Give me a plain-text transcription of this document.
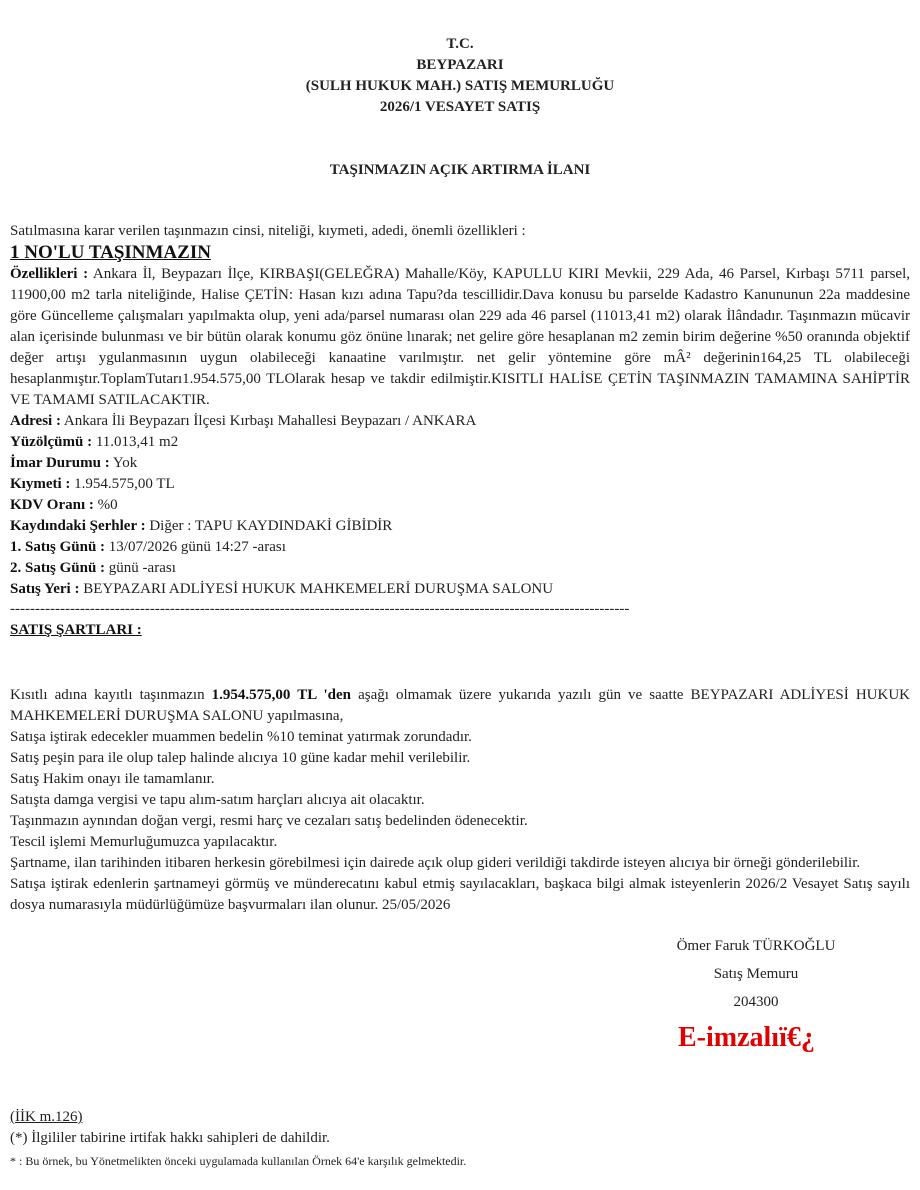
T.C.
BEYPAZARI
(SULH HUKUK MAH.) SATIŞ MEMURLUĞU
2026/1 VESAYET SATIŞ
TAŞINMAZIN AÇIK ARTIRMA İLANI
Satılmasına karar verilen taşınmazın cinsi, niteliği, kıymeti, adedi, önemli özellikleri :
1 NO'LU TAŞINMAZIN
Özellikleri : Ankara İl, Beypazarı İlçe, KIRBAŞI(GELEĞRA) Mahalle/Köy, KAPULLU KIRI Mevkii, 229 Ada, 46 Parsel, Kırbaşı 5711 parsel, 11900,00 m2 tarla niteliğinde, Halise ÇETİN: Hasan kızı adına Tapu?da tescillidir.Dava konusu bu parselde Kadastro Kanununun 22a maddesine göre Güncelleme çalışmaları yapılmakta olup, yeni ada/parsel numarası olan 229 ada 46 parsel (11013,41 m2) olarak İlândadır. Taşınmazın mücavir alan içerisinde bulunması ve bir bütün olarak konumu göz önüne lınarak; net gelire göre hesaplanan m2 zemin birim değerine %50 oranında objektif değer artışı ygulanmasının uygun olabileceği kanaatine varılmıştır. net gelir yöntemine göre mÂ² değerinin164,25 TL olabileceği hesaplanmıştır.ToplamTutarı1.954.575,00 TLOlarak hesap ve takdir edilmiştir.KISITLI HALİSE ÇETİN TAŞINMAZIN TAMAMINA SAHİPTİR VE TAMAMI SATILACAKTIR.
Adresi : Ankara İli Beypazarı İlçesi Kırbaşı Mahallesi Beypazarı / ANKARA
Yüzölçümü : 11.013,41 m2
İmar Durumu : Yok
Kıymeti : 1.954.575,00 TL
KDV Oranı : %0
Kaydındaki Şerhler : Diğer : TAPU KAYDINDAKİ GİBİDİR
1. Satış Günü : 13/07/2026 günü 14:27 -arası
2. Satış Günü : günü -arası
Satış Yeri : BEYPAZARI ADLİYESİ HUKUK MAHKEMELERİ DURUŞMA SALONU
----------------------------------------------------------------------------------------------------------------------------
SATIŞ ŞARTLARI :
Kısıtlı adına kayıtlı taşınmazın 1.954.575,00 TL 'den aşağı olmamak üzere yukarıda yazılı gün ve saatte BEYPAZARI ADLİYESİ HUKUK MAHKEMELERİ DURUŞMA SALONU yapılmasına,
Satışa iştirak edecekler muammen bedelin %10 teminat yatırmak zorundadır.
Satış peşin para ile olup talep halinde alıcıya 10 güne kadar mehil verilebilir.
Satış Hakim onayı ile tamamlanır.
Satışta damga vergisi ve tapu alım-satım harçları alıcıya ait olacaktır.
Taşınmazın aynından doğan vergi, resmi harç ve cezaları satış bedelinden ödenecektir.
Tescil işlemi Memurluğumuzca yapılacaktır.
Şartname, ilan tarihinden itibaren herkesin görebilmesi için dairede açık olup gideri verildiği takdirde isteyen alıcıya bir örneği gönderilebilir.
Satışa iştirak edenlerin şartnameyi görmüş ve münderecatını kabul etmiş sayılacakları, başkaca bilgi almak isteyenlerin 2026/2 Vesayet Satış sayılı dosya numarasıyla müdürlüğümüze başvurmaları ilan olunur. 25/05/2026
Ömer Faruk TÜRKOĞLU
Satış Memuru
204300
E-imzalıï€¿
(İİK m.126)
(*) İlgililer tabirine irtifak hakkı sahipleri de dahildir.
* : Bu örnek, bu Yönetmelikten önceki uygulamada kullanılan Örnek 64'e karşılık gelmektedir.
